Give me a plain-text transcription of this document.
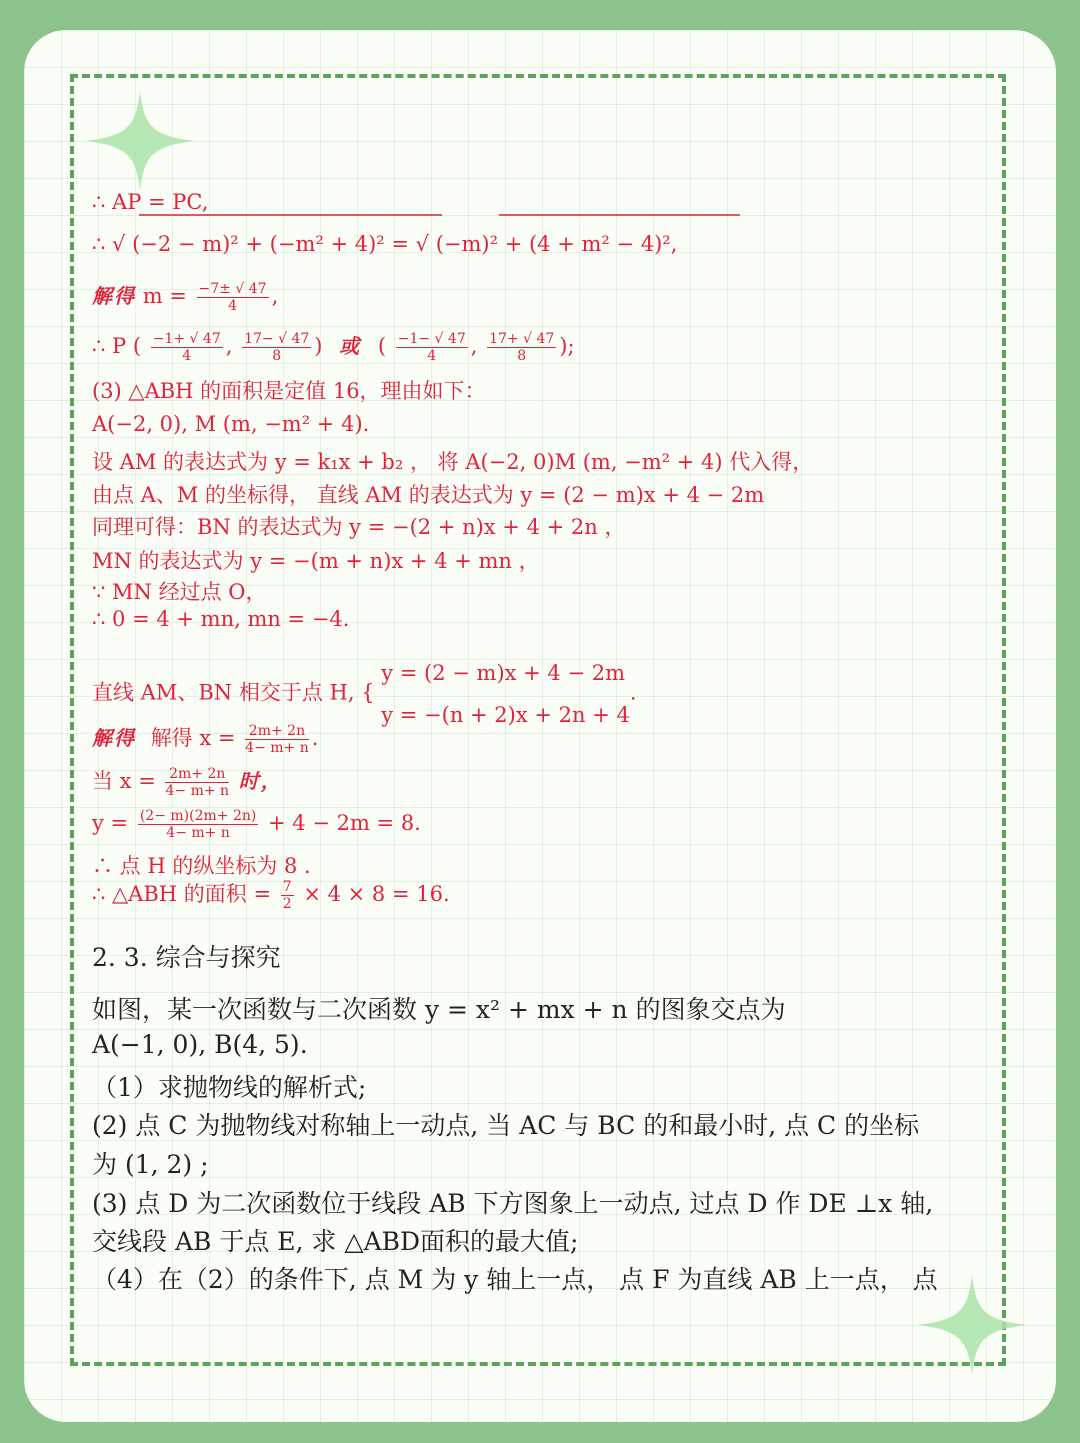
∴ AP = PC,
∴ √ (−2 − m)² + (−m² + 4)² = √ (−m)² + (4 + m² − 4)²,
解得 $m = \frac{-7\pm √ 47}{4}$ ,
∴ P ( $\frac{-1+ √ 47}{4}$ , $\frac{17- √ 47}{8}$ ) 或 ( $\frac{-1- √ 47}{4}$ , $\frac{17+ √ 47}{8}$ );
(3) △ABH 的面积是定值 16，理由如下：
A(−2, 0), M (m, −m² + 4).
设 AM 的表达式为 y = k₁x + b₂ ， 将 A(−2, 0)M (m, −m² + 4) 代入得，
由点 A、M 的坐标得， 直线 AM 的表达式为 y = (2 − m)x + 4 − 2m
同理可得：BN 的表达式为 y = −(2 + n)x + 4 + 2n ，
MN 的表达式为 y = −(m + n)x + 4 + mn ，
∵ MN 经过点 O，
∴ 0 = 4 + mn, mn = −4.
直线 AM、BN 相交于点 H, {
y = (2 − m)x + 4 − 2m
y = −(n + 2)x + 2n + 4
.
解得 解得 $x = \frac{2m+ 2n}{4- m+ n}$ .
当 $x = \frac{2m+ 2n}{4- m+ n}$ 时，
$y = \frac{(2- m)(2m+ 2n)}{4- m+ n} + 4 - 2m = 8$.
∴ 点 H 的纵坐标为 8 .
∴ △ABH 的面积 = $\frac{7}{2} \times 4 \times 8 = 16$.
2. 3. 综合与探究
如图，某一次函数与二次函数 y = x² + mx + n 的图象交点为
A(−1, 0), B(4, 5).
（1）求抛物线的解析式;
(2) 点 C 为抛物线对称轴上一动点, 当 AC 与 BC 的和最小时, 点 C 的坐标
为 (1, 2) ;
(3) 点 D 为二次函数位于线段 AB 下方图象上一动点, 过点 D 作 DE ⊥x 轴,
交线段 AB 于点 E, 求 △ABD面积的最大值;
（4）在（2）的条件下, 点 M 为 y 轴上一点， 点 F 为直线 AB 上一点， 点
